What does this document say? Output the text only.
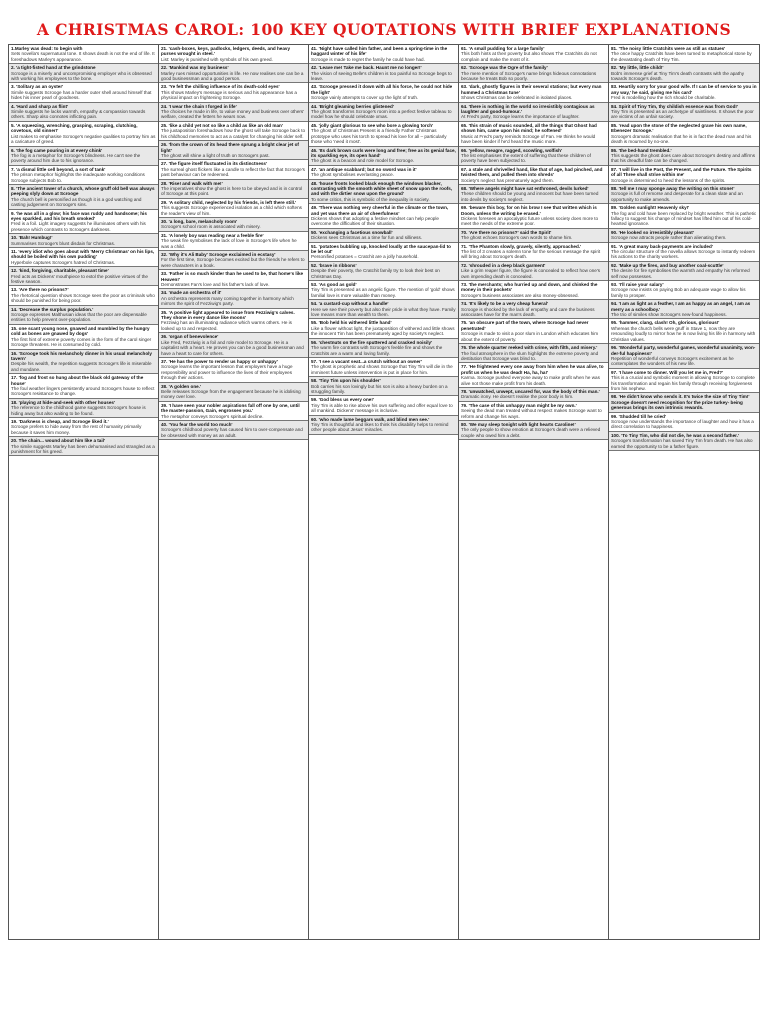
A CHRISTMAS CAROL: 100 KEY QUOTATIONS WITH BRIEF EXPLANATIONS
1.Marley was dead: to begin with
Sets novella's supernatural tone. It shows death is not the end of life. It foreshadows Marley's appearance.
2. 'a tight-fisted hand at the grindstone
Scrooge is a miserly and uncompromising employer who is obsessed with working his employees to the bone.
3. 'Solitary as an oyster'
Simile suggests Scrooge has a harder outer shell around himself that hides his inner pearl of goodness.
4. 'Hard and sharp as flint'
Simile suggests he lacks warmth, empathy & compassion towards others. Sharp also connotes inflicting pain.
5. 'A squeezing, wrenching, grasping, scraping, clutching, covetous, old sinner!'
List makes to emphasise Scrooge's negative qualities to portray him as a caricature of greed.
6. 'the fog came pouring in at every chink'
The fog is a metaphor for Scrooge's blindness. He can't see the poverty around him due to his ignorance.
7. 'a dismal little cell beyond, a sort of tank'
The prison metaphor highlights the inadequate working conditions Scrooge subjects Bob to.
8. 'The ancient tower of a church, whose gruff old bell was always peeping slyly down at Scrooge
The church bell is personified as though it is a god watching and casting judgement on Scrooge's sins.
9. 'he was all in a glow; his face was ruddy and handsome; his eyes sparkled, and his breath smoked'
Fred is a foil. Light imagery suggests he illuminates others with his presence which contrasts to Scrooge's darkness.
10. 'Bah! Humbug!'
Summarises Scrooge's blunt disdain for Christmas.
11. 'every idiot who goes about with 'Merry Christmas' on his lips, should be boiled with his own pudding'
Hyperbole captures Scrooge's hatred of Christmas.
12. 'kind, forgiving, charitable, pleasant time'
Fred acts as Dickens' mouthpiece to extol the positive virtues of the festive season.
13. 'Are there no prisons?'
The rhetorical question shows Scrooge sees the poor as criminals who should be punished for being poor.
14. 'Decrease the surplus population.'
Scrooge expresses Malthusian ideas that the poor are dispensable entities to help prevent over-population.
15. one scant young nose, gnawed and mumbled by the hungry cold as bones are gnawed by dogs'
The first hint of extreme poverty comes in the form of the carol singer Scrooge threatens. He is consumed by cold.
16. 'Scrooge took his melancholy dinner in his usual melancholy tavern'
Despite his wealth, the repetition suggests Scrooge's life is miserable and mundane.
17. 'fog and frost so hung about the black old gateway of the house'
The foul weather lingers persistently around Scrooge's house to reflect Scrooge's resistance to change.
18. 'playing at hide-and-seek with other houses'
The reference to the childhood game suggests Scrooge's house is hiding away but also waiting to be found.
19. 'Darkness is cheap, and Scrooge liked it.'
Scrooge prefers to hide away from the rest of humanity primarily because it saves him money.
20. The chain... wound about him like a tail'
The simile suggests Marley has been dehumanised and strangled as a punishment for his greed.
21. 'cash-boxes, keys, padlocks, ledgers, deeds, and heavy purses wrought in steel.'
List: Marley is punished with symbols of his own greed.
22. 'Mankind was my business'
Marley rues missed opportunities in life. He now realises one can be a good businessman and a good person.
23. 'Ye felt the chilling influence of its death-cold eyes'
This shows Marley's message is serious and his appearance has a physical impact on frightening Scrooge.
24. 'I wear the chain I forged in life'
The choices he made in life, to value money and business over others' welfare, created the fetters he wears now.
25. 'like a child yet not so like a child as like an old man'
The juxtaposition foreshadows how the ghost will take Scrooge back to his childhood memories to act as a catalyst for changing his older self.
26. 'from the crown of its head there sprung a bright clear jet of light'
The ghost will shine a light of truth on Scrooge's past.
27. 'the figure itself fluctuated in its distinctness'
The surreal ghost flickers like a candle to reflect the fact that Scrooge's past behaviour can be redeemed.
28. 'Rise! and walk with me!'
The imperatives show the ghost is here to be obeyed and is in control of Scrooge at this point.
29. 'A solitary child, neglected by his friends, is left there still.'
This suggests Scrooge experienced isolation as a child which softens the reader's view of him.
30. 'a long, bare, melancholy room'
Scrooge's school room is associated with misery.
31. 'A lonely boy was reading near a feeble fire'
The weak fire symbolises the lack of love in Scrooge's life when he was a child.
32. 'Why it's Ali Baby' Scrooge exclaimed in ecstasy'
For the first time, Scrooge becomes excited but the friends he refers to were characters in a book.
33. 'Father is so much kinder than he used to be, that home's like Heaven!'
Demonstrates Fan's love and his father's lack of love.
34. 'made an orchestra of it'
An orchestra represents many coming together in harmony which mirrors the spirit of Fezziwig's party.
35. 'A positive light appeared to issue from Fezziwig's calves. They shone in every dance like moons'
Fezziwig has an illuminating radiance which warms others. He is looked up to and respected.
36. 'organ of benevolence'
Like Fred, Fezziwig is a foil and role model to Scrooge. He is a capitalist with a heart. He proves you can be a good businessman and have a heart to care for others.
37. 'He has the power to render us happy or unhappy'
Scrooge learns the important lesson that employers have a huge responsibility and power to influence the lives of their employees through their actions.
38. 'A golden one.'
Belle releases Scrooge from the engagement because he is idolising money over love.
39. 'I have seen your nobler aspirations fall off one by one, until the master-passion, Gain, engrosses you.'
The metaphor conveys Scrooge's spiritual decline.
40. 'You fear the world too much'
Scrooge's childhood poverty has caused him to over-compensate and be obsessed with money as an adult.
41. 'Night have called him father, and been a spring-time in the haggard winter of his life'
Scrooge is made to regret the family he could have had.
42. 'Leave me! Take me back. Haunt me no longer!'
The vision of seeing Belle's children is too painful so Scrooge begs to leave.
43. 'Scrooge pressed it down with all his force, he could not hide the light'
Scrooge vainly attempts to cover up the light of truth.
44. 'Bright gleaming berries glistened'
The ghost transforms Scrooge's room into a perfect festive tableau to model how he should celebrate xmas.
45. 'jolly giant glorious to see who bore a glowing torch'
The ghost of Christmas Present is a friendly Father Christmas prototype who uses his torch to spread his love for all – particularly those who 'need it most'.
46. 'Its dark brown curls were long and free; free as its genial face, its sparkling eye, its open hand'
The ghost is a beacon and role model for Scrooge.
47. 'an antique scabbard; but no sword was in it'
The ghost symbolises everlasting peace.
48. 'house fronts looked black enough the windows blacker, contrasting with the smooth white sheet of snow upon the roofs, and with the dirtier snow upon the ground'
To some critics, this is symbolic of the inequality in society.
49. 'There was nothing very cheerful in the climate or the town, and yet was there an air of cheerfulness'
Dickens shows that adopting a festive mindset can help people overcome the difficulties of their situation.
50. 'exchanging a facetious snowball'
Dickens sees Christmas as a time for fun and silliness.
51. 'potatoes bubbling up, knocked loudly at the saucepan-lid to be let out'
Personified potatoes = Cratchit are a jolly household.
52. 'brave in ribbons'
Despite their poverty, the Cratchit family try to look their best on Christmas Day.
53. 'As good as gold'
Tiny Tim is presented as an angelic figure. The mention of 'gold' shows familial love is more valuable than money.
54. 'a custard-cup without a handle'
Here we see their poverty but also their pride in what they have. Family love means more than wealth to them.
55. 'Bob held his withered little hand'
Like a flower without light, the juxtaposition of withered and little shows the innocent Tim has been prematurely aged by society's neglect.
56. 'chestnuts on the fire sputtered and cracked noisily'
The warm fire contrasts with Scrooge's feeble fire and shows the Cratchits are a warm and loving family.
57. 'I see a vacant seat...a crutch without an owner'
The ghost is prophetic and shows Scrooge that Tiny Tim will die in the imminent future unless intervention is put in place for him.
58. 'Tiny Tim upon his shoulder'
Bob carries his son lovingly but his son is also a heavy burden on a struggling family.
59. 'God bless us every one!'
Tiny Tim is able to rise above his own suffering and offer equal love to all mankind. Dickens' message is inclusive.
60. 'who made lame beggars walk, and blind men see.'
Tiny Tim is thoughtful and likes to think his disability helps to remind other people about Jesus' miracles.
61. 'A small pudding for a large family'
This both hints at their poverty but also shows The Cratchits do not complain and make the most of it.
62. 'Scrooge was the Ogre of the family'
The mere mention of Scrooge's name brings hideous connotations because he treats Bob so poorly.
63. 'dark, ghostly figures in their several stations; but every man hummed a Christmas tune'
Shows Christmas can be celebrated in isolated places.
64. 'there is nothing in the world so irresistibly contagious as laughter and good-humour.'
At Fred's party, Scrooge learns the importance of laughter.
65. 'this strain of music sounded, all the things that Ghost had shown him, came upon his mind; he softened'
Music at Fred's party reminds Scrooge of Fan. He thinks he would have been kinder if he'd heard the music more.
66. 'yellow, meagre, ragged, scowling, wolfish'
The list emphasises the extent of suffering that these children of poverty have been subjected to.
67. a stale and shrivelled hand, like that of age, had pinched, and twisted them, and pulled them into shreds'
Society's neglect has prematurely aged them.
68. 'Where angels might have sat enthroned, devils lurked'
These children should be young and innocent but have been turned into devils by society's neglect.
69. 'beware this boy, for on his brow I see that written which is Doom, unless the writing be erased.'
Dickens foresees an apocalyptic future unless society does more to meet the needs of the extreme poor.
70. 'Are there no prisons?' said the Spirit'
The ghost echoes Scrooge's own words to shame him.
71. 'The Phantom slowly, gravely, silently, approached.'
The list of 3 creates a solemn tone for the serious message the spirit will bring about Scrooge's death.
72. 'shrouded in a deep black garment'
Like a grim reaper figure, the figure is concealed to reflect how one's own impending death is concealed.
73. 'the merchants; who hurried up and down, and chinked the money in their pockets'
Scrooge's business associates are also money-obsessed.
74. 'It's likely to be a very cheap funeral'
Scrooge is shocked by the lack of empathy and care the business associates have for the man's death.
75. 'an obscure part of the town, where Scrooge had never penetrated'
Scrooge is made to visit a poor slum in London which educates him about the extent of poverty.
76. the whole quarter reeked with crime, with filth, and misery.'
The foul atmosphere in the slum highlights the extreme poverty and destitution that Scrooge was blind to.
77. 'He frightened every one away from him when he was alive, to profit us when he was dead! Ha, ha, ha!'
Karma. Scrooge pushed everyone away to make profit when he was alive not those make profit from his death.
78. 'unwatched, unwept, uncared for, was the body of this man.'
Dramatic irony. He doesn't realise the poor body is him.
79. 'The case of this unhappy man might be my own.'
Seeing the dead man treated without respect makes Scrooge want to reform and change his ways.
80. 'We may sleep tonight with light hearts Caroline!'
The only people to show emotion at Scrooge's death were a relieved couple who owed him a debt.
81. 'The noisy little Cratchits were as still as statues'
The once happy Cratchits have been turned to metaphorical stone by the devastating death of Tiny Tim.
82. 'My little, little child!'
Bob's immense grief at Tiny Tim's death contrasts with the apathy towards Scrooge's death.
83. Heartily sorry for your good wife. If I can be of service to you in any way,' he said, giving me his card'
Fred is modelling how the rich should be charitable.
84. Spirit of Tiny Tim, thy childish essence was from God!'
Tiny Tim is presented as an archetype of saintliness. It shows the poor are victims of an unfair society.
85. 'read upon the stone of the neglected grave his own name, Ebenezer Scrooge.'
Scrooge's dramatic realisation that he is in fact the dead man and his death is mourned by no-one.
86. 'the bed-hand trembled.'
This suggests the ghost does care about Scrooge's destiny and affirms that his dreadful fate can be changed.
87. 'I will live in the Past, the Present, and the Future. The Spirits of all Three shall strive within me'
Scrooge is determined to heed the lessons of the spirits.
88. 'tell me I may sponge away the writing on this stone!'
Scrooge is full of remorse and desperate for a clean slate and an opportunity to make amends.
89. 'Golden sunlight! Heavenly sky!'
The fog and cold have been replaced by bright weather. This is pathetic fallacy to suggest his change of mindset has lifted him out of his cold-hearted ignorance.
90. 'He looked so irresistibly pleasant'
Scrooge now attracts people rather than alienating them.
91. 'A great many back-payments are included'
The circular structure of the novella allows Scrooge to instantly redeem his actions to the charity workers.
92. 'Make up the fires, and buy another coal-scuttle'
The desire for fire symbolises the warmth and empathy his reformed self now possesses.
93. 'I'll raise your salary'
Scrooge now insists on paying Bob an adequate wage to allow his family to prosper.
94. 'I am as light as a feather, I am as happy as an angel, I am as merry as a schoolboy.'
The trio of similes show Scrooge's new-found happiness.
95. 'hammer, clang, clash! Oh, glorious, glorious!'
Whereas the church bells were gruff in Stave 1, now they are resounding loudly to mirror how he is now living his life in harmony with Christian values.
96. 'Wonderful party, wonderful games, wonderful unanimity, won-der-ful happiness!'
Repetition of wonderful conveys Scrooge's excitement as he contemplates the wonders of his new life.
97. 'I have come to dinner. Will you let me in, Fred?'
This is a crucial and symbolic moment in allowing Scrooge to complete his transformation and regain his family through receiving forgiveness from his nephew.
98. 'He didn't know who sends it. It's twice the size of Tiny Tim!' Scrooge doesn't need recognition for the prize turkey- being generous brings its own intrinsic rewards.
99. 'Shudded till he cried'
Scrooge now understands the importance of laughter and how it has a direct correlation to happiness.
100. 'To Tiny Tim, who did not die, he was a second father.'
Scrooge's transformation has saved Tiny Tim from death. He has also earned the opportunity to be a father figure.
